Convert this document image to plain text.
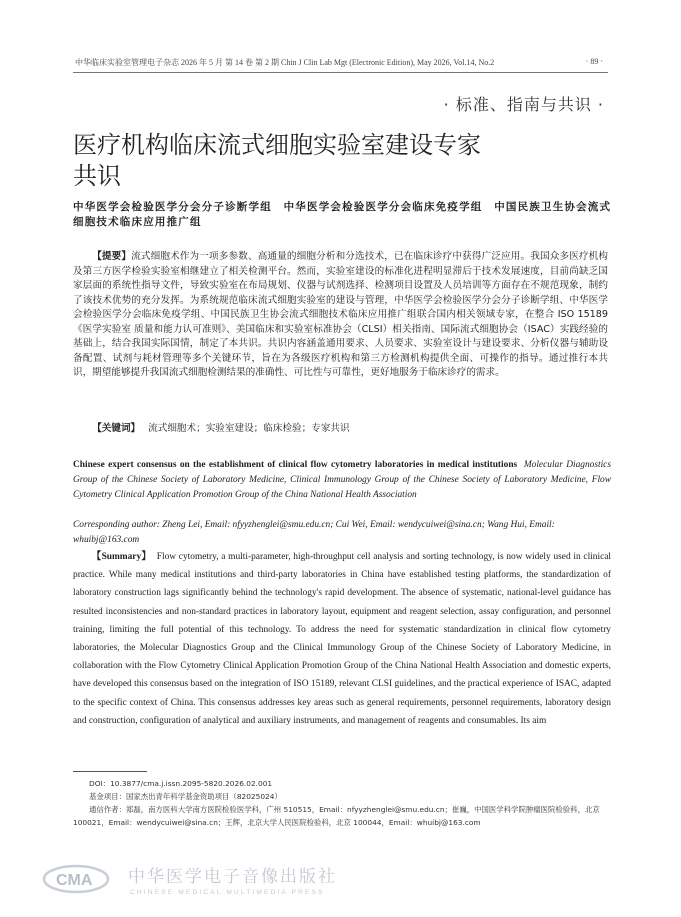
中华临床实验室管理电子杂志 2026 年 5 月 第 14 卷 第 2 期 Chin J Clin Lab Mgt (Electronic Edition), May 2026, Vol.14, No.2	· 89 ·
· 标准、指南与共识 ·
医疗机构临床流式细胞实验室建设专家共识
中华医学会检验医学分会分子诊断学组　中华医学会检验医学分会临床免疫学组　中国民族卫生协会流式细胞技术临床应用推广组

【提要】流式细胞术作为一项多参数、高通量的细胞分析和分选技术，已在临床诊疗中获得广泛应用。我国众多医疗机构及第三方医学检验实验室相继建立了相关检测平台。然而，实验室建设的标准化进程明显滞后于技术发展速度，目前尚缺乏国家层面的系统性指导文件，导致实验室在布局规划、仪器与试剂选择、检测项目设置及人员培训等方面存在不规范现象，制约了该技术优势的充分发挥。为系统规范临床流式细胞实验室的建设与管理，中华医学会检验医学分会分子诊断学组、中华医学会检验医学分会临床免疫学组、中国民族卫生协会流式细胞技术临床应用推广组联合国内相关领域专家，在整合 ISO 15189《医学实验室 质量和能力认可准则》、美国临床和实验室标准协会（CLSI）相关指南、国际流式细胞协会（ISAC）实践经验的基础上，结合我国实际国情，制定了本共识。共识内容涵盖通用要求、人员要求、实验室设计与建设要求、分析仪器与辅助设备配置、试剂与耗材管理等多个关键环节，旨在为各级医疗机构和第三方检测机构提供全面、可操作的指导。通过推行本共识，期望能够提升我国流式细胞检测结果的准确性、可比性与可靠性，更好地服务于临床诊疗的需求。

【关键词】 流式细胞术；实验室建设；临床检验；专家共识

Chinese expert consensus on the establishment of clinical flow cytometry laboratories in medical institutions Molecular Diagnostics Group of the Chinese Society of Laboratory Medicine, Clinical Immunology Group of the Chinese Society of Laboratory Medicine, Flow Cytometry Clinical Application Promotion Group of the China National Health Association

Corresponding author: Zheng Lei, Email: nfyyzhenglei@smu.edu.cn; Cui Wei, Email: wendycuiwei@sina.cn; Wang Hui, Email: whuibj@163.com

【Summary】 Flow cytometry, a multi-parameter, high-throughput cell analysis and sorting technology, is now widely used in clinical practice. While many medical institutions and third-party laboratories in China have established testing platforms, the standardization of laboratory construction lags significantly behind the technology's rapid development. The absence of systematic, national-level guidance has resulted inconsistencies and non-standard practices in laboratory layout, equipment and reagent selection, assay configuration, and personnel training, limiting the full potential of this technology. To address the need for systematic standardization in clinical flow cytometry laboratories, the Molecular Diagnostics Group and the Clinical Immunology Group of the Chinese Society of Laboratory Medicine, in collaboration with the Flow Cytometry Clinical Application Promotion Group of the China National Health Association and domestic experts, have developed this consensus based on the integration of ISO 15189, relevant CLSI guidelines, and the practical experience of ISAC, adapted to the specific context of China. This consensus addresses key areas such as general requirements, personnel requirements, laboratory design and construction, configuration of analytical and auxiliary instruments, and management of reagents and consumables. Its aim

DOI：10.3877/cma.j.issn.2095-5820.2026.02.001
基金项目：国家杰出青年科学基金资助项目（82025024）
通信作者：郑磊，南方医科大学南方医院检验医学科，广州 510515，Email：nfyyzhenglei@smu.edu.cn；崔巍，中国医学科学院肿瘤医院检验科，北京 100021，Email：wendycuiwei@sina.cn；王辉，北京大学人民医院检验科，北京 100044，Email：whuibj@163.com
CMA 中华医学电子音像出版社
CHINESE MEDICAL MULTIMEDIA PRESS
